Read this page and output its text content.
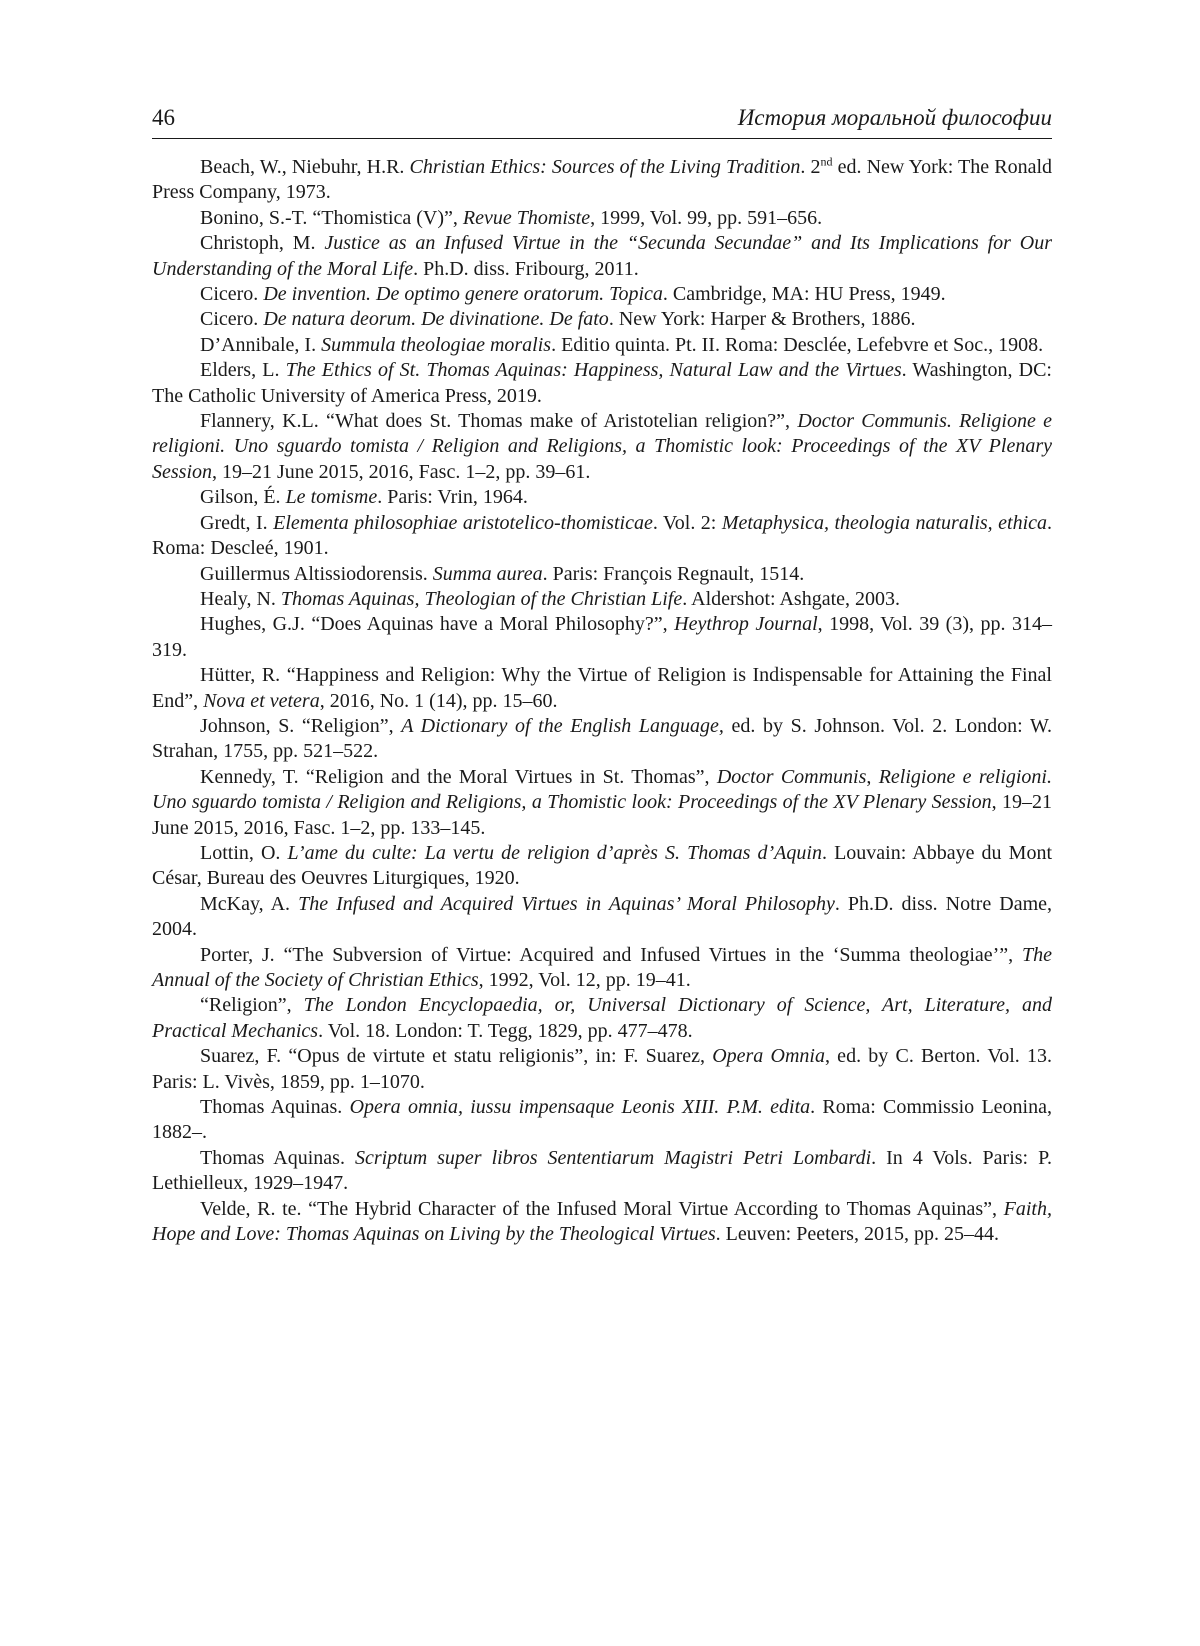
46	История моральной философии

Beach, W., Niebuhr, H.R. Christian Ethics: Sources of the Living Tradition. 2nd ed. New York: The Ronald Press Company, 1973.

Bonino, S.-T. “Thomistica (V)”, Revue Thomiste, 1999, Vol. 99, pp. 591–656.

Christoph, M. Justice as an Infused Virtue in the “Secunda Secundae” and Its Implications for Our Understanding of the Moral Life. Ph.D. diss. Fribourg, 2011.

Cicero. De invention. De optimo genere oratorum. Topica. Cambridge, MA: HU Press, 1949.

Cicero. De natura deorum. De divinatione. De fato. New York: Harper & Brothers, 1886.

D’Annibale, I. Summula theologiae moralis. Editio quinta. Pt. II. Roma: Desclée, Lefebvre et Soc., 1908.

Elders, L. The Ethics of St. Thomas Aquinas: Happiness, Natural Law and the Virtues. Washington, DC: The Catholic University of America Press, 2019.

Flannery, K.L. “What does St. Thomas make of Aristotelian religion?”, Doctor Communis. Religione e religioni. Uno sguardo tomista / Religion and Religions, a Thomistic look: Proceedings of the XV Plenary Session, 19–21 June 2015, 2016, Fasc. 1–2, pp. 39–61.

Gilson, É. Le tomisme. Paris: Vrin, 1964.

Gredt, I. Elementa philosophiae aristotelico-thomisticae. Vol. 2: Metaphysica, theologia naturalis, ethica. Roma: Descleé, 1901.

Guillermus Altissiodorensis. Summa aurea. Paris: François Regnault, 1514.

Healy, N. Thomas Aquinas, Theologian of the Christian Life. Aldershot: Ashgate, 2003.

Hughes, G.J. “Does Aquinas have a Moral Philosophy?”, Heythrop Journal, 1998, Vol. 39 (3), pp. 314–319.

Hütter, R. “Happiness and Religion: Why the Virtue of Religion is Indispensable for Attaining the Final End”, Nova et vetera, 2016, No. 1 (14), pp. 15–60.

Johnson, S. “Religion”, A Dictionary of the English Language, ed. by S. Johnson. Vol. 2. London: W. Strahan, 1755, pp. 521–522.

Kennedy, T. “Religion and the Moral Virtues in St. Thomas”, Doctor Communis, Religione e religioni. Uno sguardo tomista / Religion and Religions, a Thomistic look: Proceedings of the XV Plenary Session, 19–21 June 2015, 2016, Fasc. 1–2, pp. 133–145.

Lottin, O. L’ame du culte: La vertu de religion d’après S. Thomas d’Aquin. Louvain: Abbaye du Mont César, Bureau des Oeuvres Liturgiques, 1920.

McKay, A. The Infused and Acquired Virtues in Aquinas’ Moral Philosophy. Ph.D. diss. Notre Dame, 2004.

Porter, J. “The Subversion of Virtue: Acquired and Infused Virtues in the ‘Summa theologiae’”, The Annual of the Society of Christian Ethics, 1992, Vol. 12, pp. 19–41.

“Religion”, The London Encyclopaedia, or, Universal Dictionary of Science, Art, Literature, and Practical Mechanics. Vol. 18. London: T. Tegg, 1829, pp. 477–478.

Suarez, F. “Opus de virtute et statu religionis”, in: F. Suarez, Opera Omnia, ed. by C. Berton. Vol. 13. Paris: L. Vivès, 1859, pp. 1–1070.

Thomas Aquinas. Opera omnia, iussu impensaque Leonis XIII. P.M. edita. Roma: Commissio Leonina, 1882–.

Thomas Aquinas. Scriptum super libros Sententiarum Magistri Petri Lombardi. In 4 Vols. Paris: P. Lethielleux, 1929–1947.

Velde, R. te. “The Hybrid Character of the Infused Moral Virtue According to Thomas Aquinas”, Faith, Hope and Love: Thomas Aquinas on Living by the Theological Virtues. Leuven: Peeters, 2015, pp. 25–44.
